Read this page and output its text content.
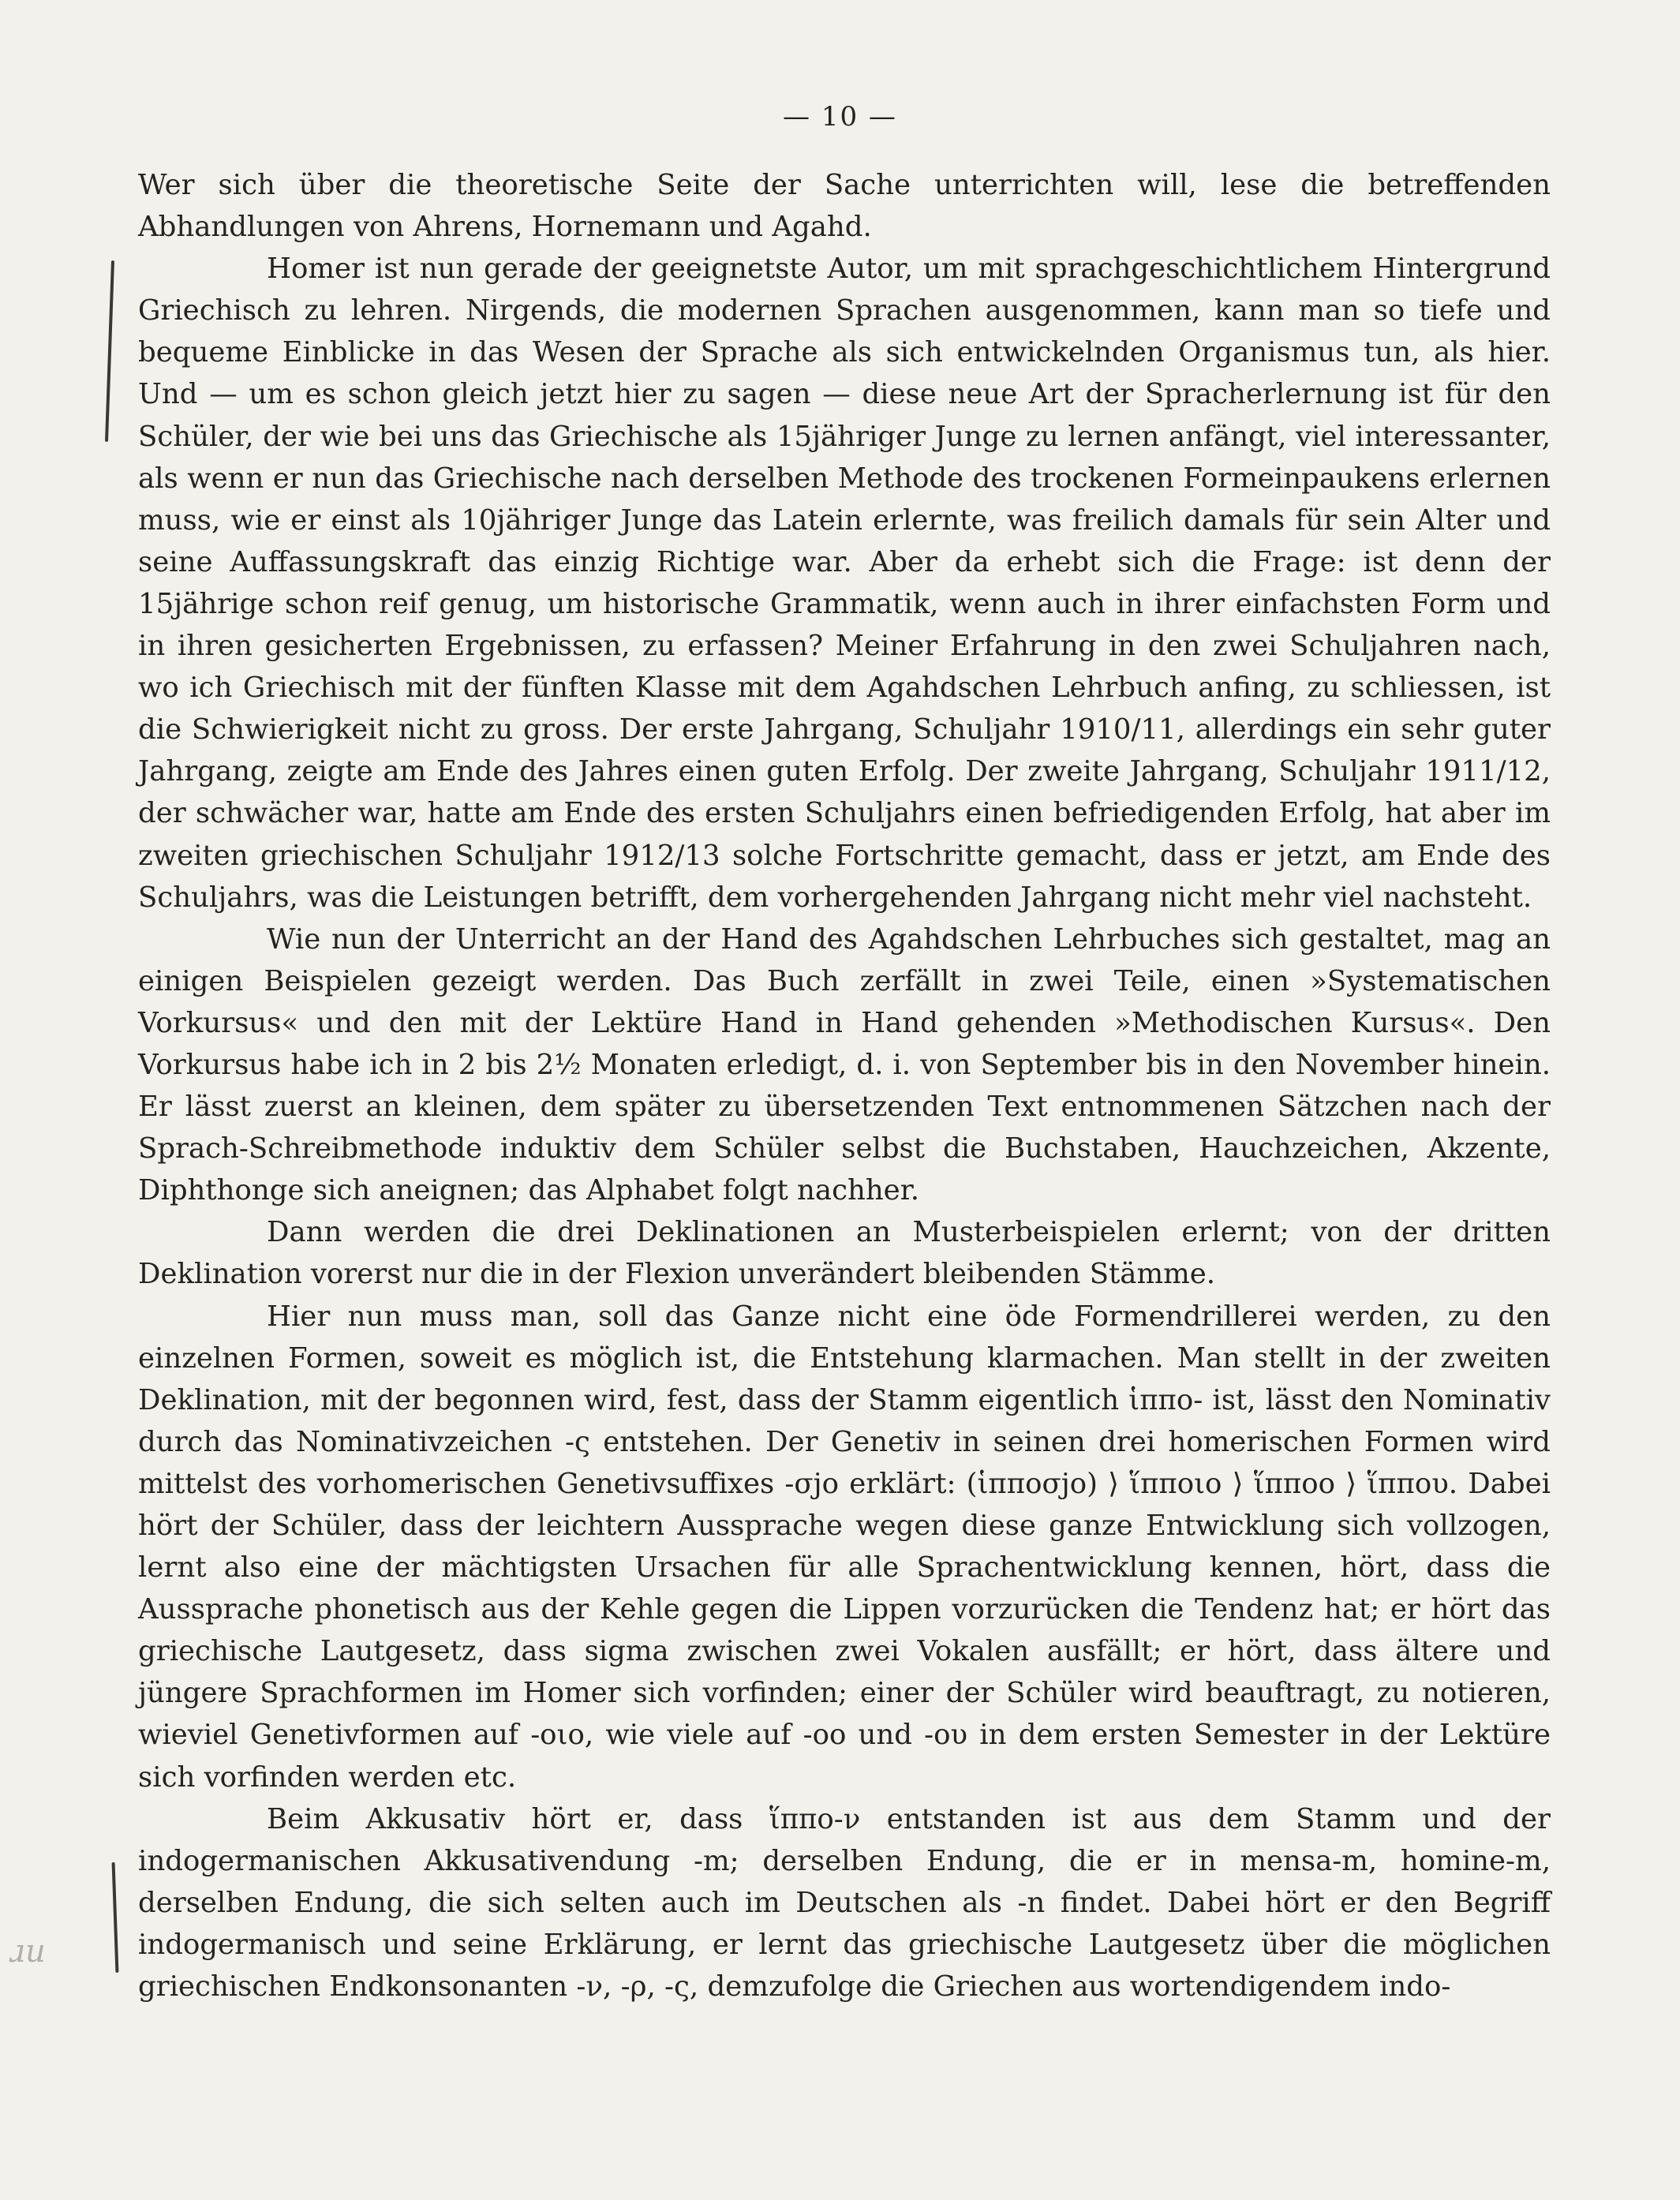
— 10 —
ɹu

Wer sich über die theoretische Seite der Sache unterrichten will, lese die betreffenden Abhandlungen von Ahrens, Hornemann und Agahd.

Homer ist nun gerade der geeignetste Autor, um mit sprachgeschichtlichem Hintergrund Griechisch zu lehren. Nirgends, die modernen Sprachen ausgenommen, kann man so tiefe und bequeme Einblicke in das Wesen der Sprache als sich entwickelnden Organismus tun, als hier. Und — um es schon gleich jetzt hier zu sagen — diese neue Art der Spracherlernung ist für den Schüler, der wie bei uns das Griechische als 15jähriger Junge zu lernen anfängt, viel interessanter, als wenn er nun das Griechische nach derselben Methode des trockenen Formeinpaukens erlernen muss, wie er einst als 10jähriger Junge das Latein erlernte, was freilich damals für sein Alter und seine Auffassungskraft das einzig Richtige war. Aber da erhebt sich die Frage: ist denn der 15jährige schon reif genug, um historische Grammatik, wenn auch in ihrer einfachsten Form und in ihren gesicherten Ergebnissen, zu erfassen? Meiner Erfahrung in den zwei Schuljahren nach, wo ich Griechisch mit der fünften Klasse mit dem Agahdschen Lehrbuch anfing, zu schliessen, ist die Schwierigkeit nicht zu gross. Der erste Jahrgang, Schuljahr 1910/11, allerdings ein sehr guter Jahrgang, zeigte am Ende des Jahres einen guten Erfolg. Der zweite Jahrgang, Schuljahr 1911/12, der schwächer war, hatte am Ende des ersten Schuljahrs einen befriedigenden Erfolg, hat aber im zweiten griechischen Schuljahr 1912/13 solche Fortschritte gemacht, dass er jetzt, am Ende des Schuljahrs, was die Leistungen betrifft, dem vorhergehenden Jahrgang nicht mehr viel nachsteht.

Wie nun der Unterricht an der Hand des Agahdschen Lehrbuches sich gestaltet, mag an einigen Beispielen gezeigt werden. Das Buch zerfällt in zwei Teile, einen »Systematischen Vorkursus« und den mit der Lektüre Hand in Hand gehenden »Methodischen Kursus«. Den Vorkursus habe ich in 2 bis 2½ Monaten erledigt, d. i. von September bis in den November hinein. Er lässt zuerst an kleinen, dem später zu übersetzenden Text entnommenen Sätzchen nach der Sprach-Schreibmethode induktiv dem Schüler selbst die Buchstaben, Hauchzeichen, Akzente, Diphthonge sich aneignen; das Alphabet folgt nachher.

Dann werden die drei Deklinationen an Musterbeispielen erlernt; von der dritten Deklination vorerst nur die in der Flexion unverändert bleibenden Stämme.

Hier nun muss man, soll das Ganze nicht eine öde Formendrillerei werden, zu den einzelnen Formen, soweit es möglich ist, die Entstehung klarmachen. Man stellt in der zweiten Deklination, mit der begonnen wird, fest, dass der Stamm eigentlich ἱππο- ist, lässt den Nominativ durch das Nominativzeichen -ς entstehen. Der Genetiv in seinen drei homerischen Formen wird mittelst des vorhomerischen Genetivsuffixes -σjο erklärt: (ἱπποσjο) ⟩ ἵπποιο ⟩ ἵπποο ⟩ ἵππου. Dabei hört der Schüler, dass der leichtern Aussprache wegen diese ganze Entwicklung sich vollzogen, lernt also eine der mächtigsten Ursachen für alle Sprachentwicklung kennen, hört, dass die Aussprache phonetisch aus der Kehle gegen die Lippen vorzurücken die Tendenz hat; er hört das griechische Lautgesetz, dass sigma zwischen zwei Vokalen ausfällt; er hört, dass ältere und jüngere Sprachformen im Homer sich vorfinden; einer der Schüler wird beauftragt, zu notieren, wieviel Genetivformen auf -οιο, wie viele auf -οο und -ου in dem ersten Semester in der Lektüre sich vorfinden werden etc.

Beim Akkusativ hört er, dass ἵππο-ν entstanden ist aus dem Stamm und der indogermanischen Akkusativendung -m; derselben Endung, die er in mensa-m, homine-m, derselben Endung, die sich selten auch im Deutschen als -n findet. Dabei hört er den Begriff indogermanisch und seine Erklärung, er lernt das griechische Lautgesetz über die möglichen griechischen Endkonsonanten -ν, -ρ, -ς, demzufolge die Griechen aus wortendigendem indo-
